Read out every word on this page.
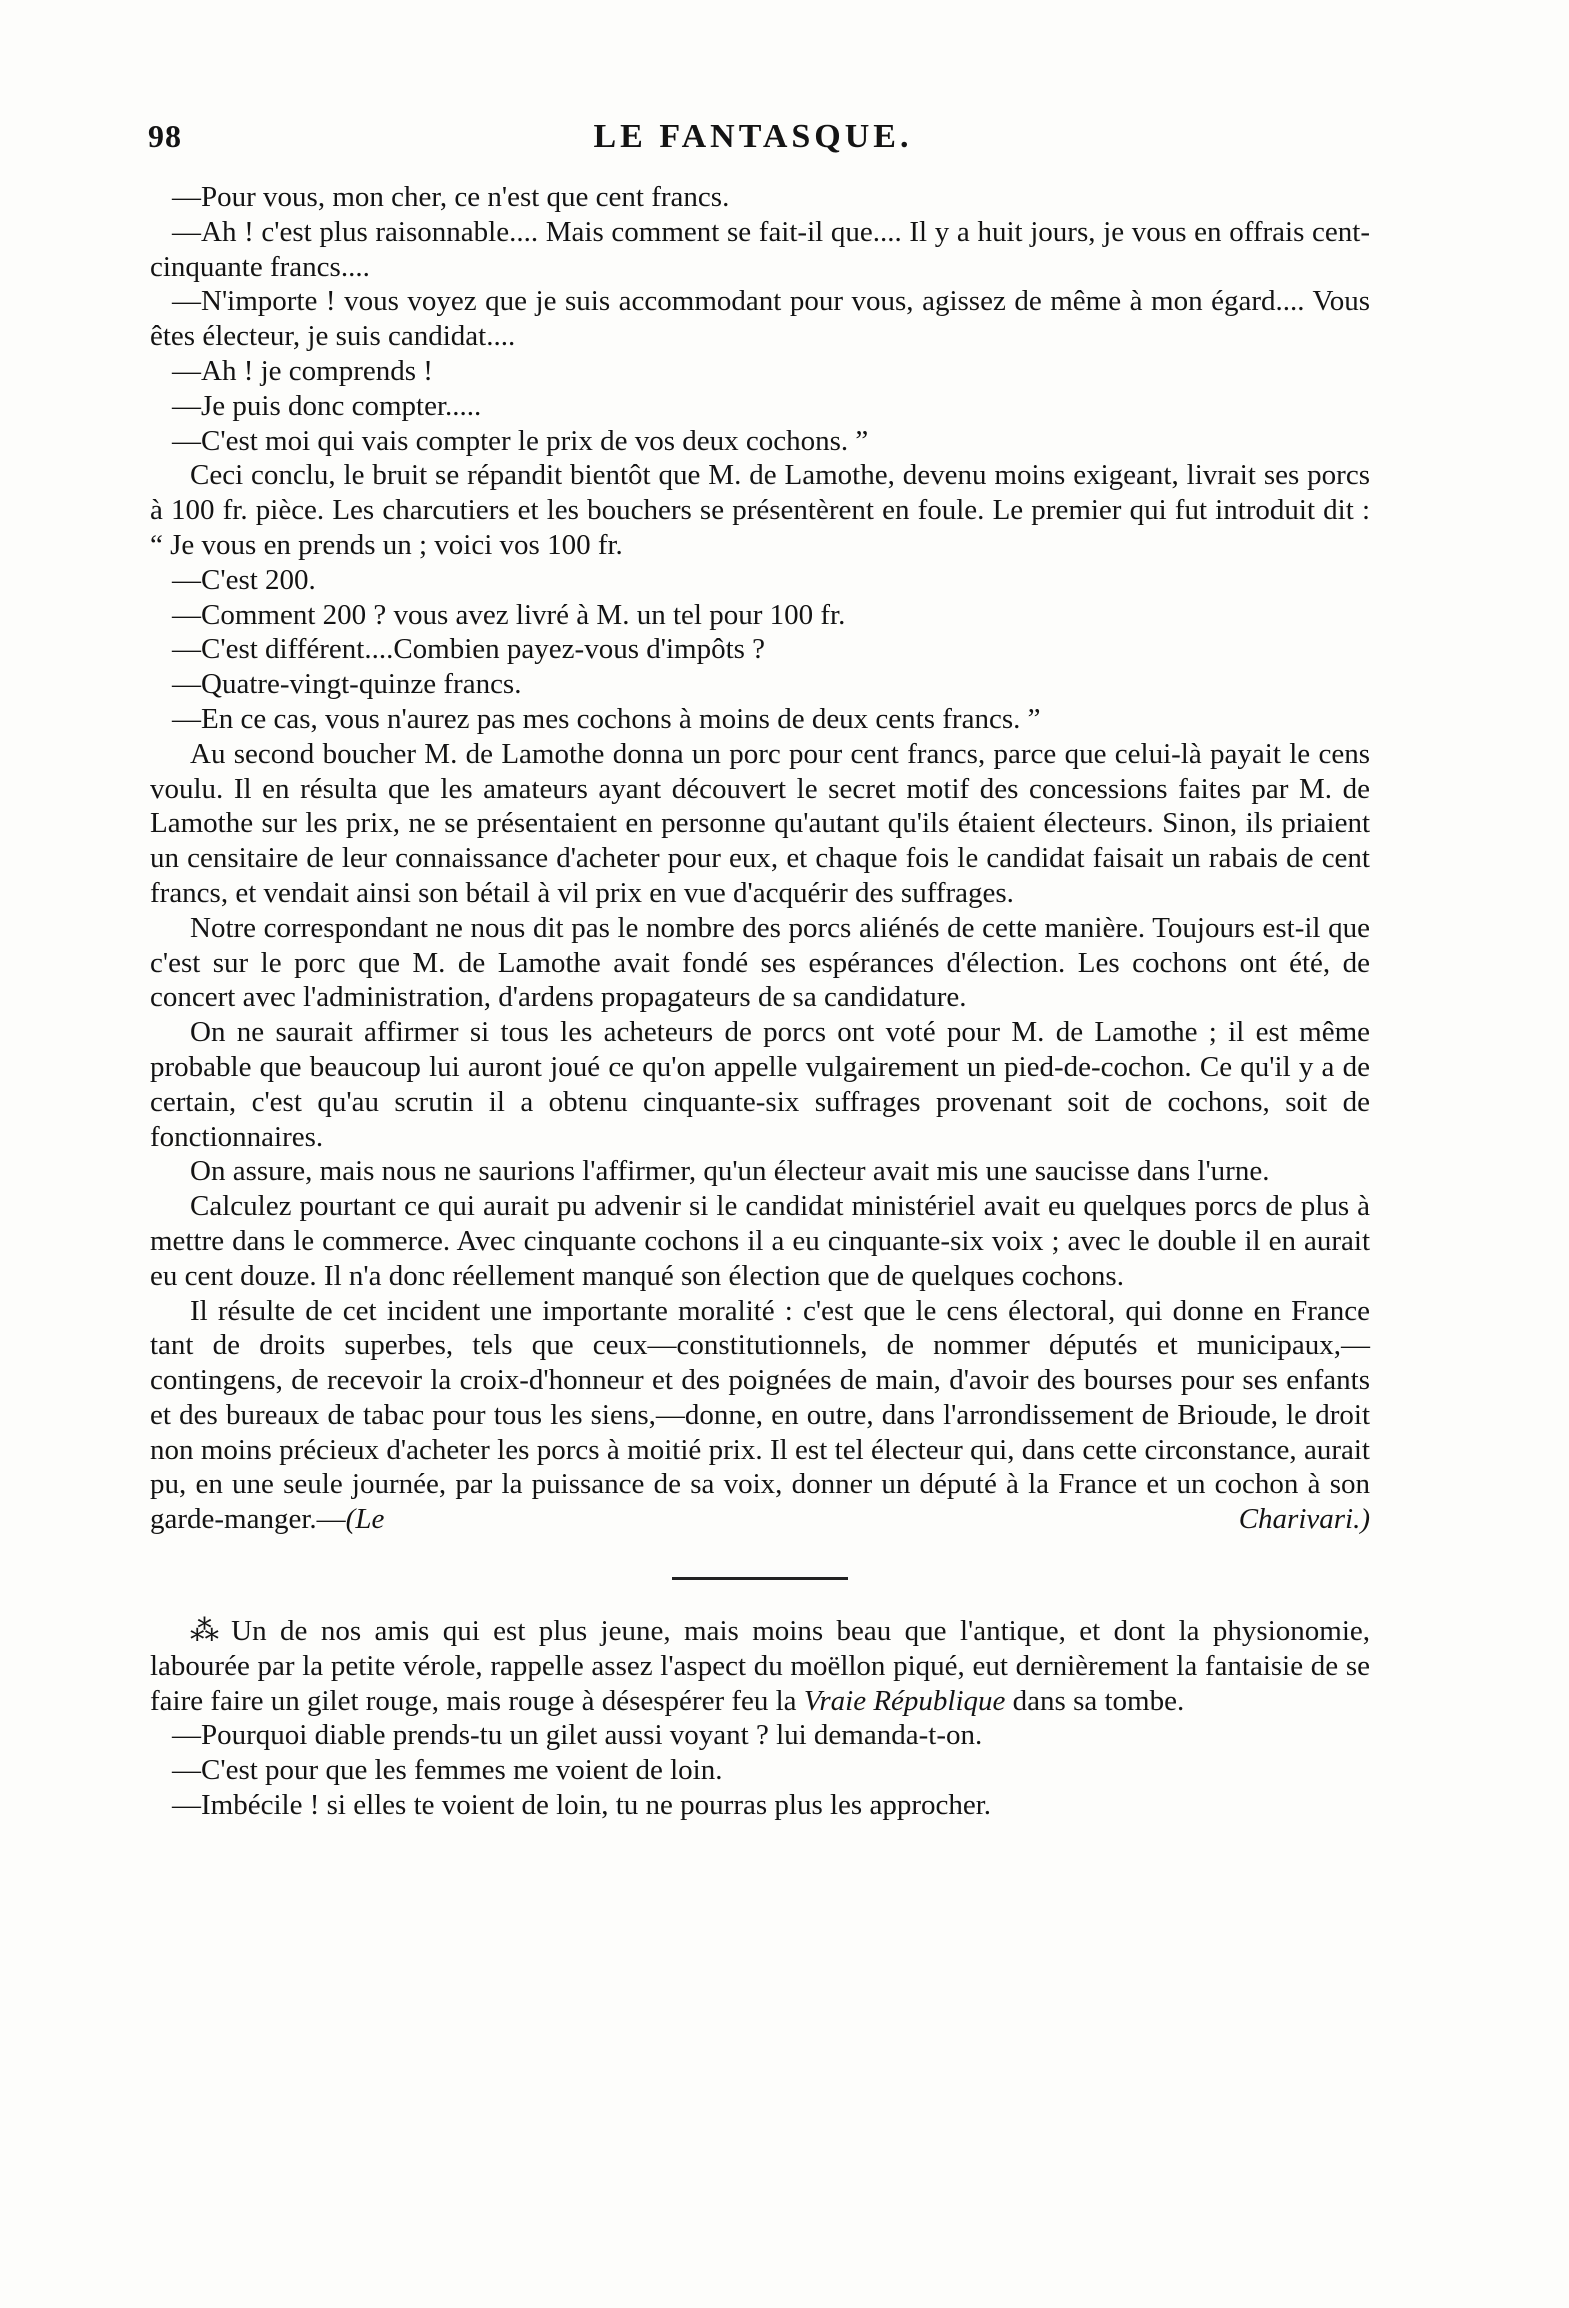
98	LE FANTASQUE.

—Pour vous, mon cher, ce n'est que cent francs.

—Ah ! c'est plus raisonnable.... Mais comment se fait-il que.... Il y a huit jours, je vous en offrais cent-cinquante francs....

—N'importe ! vous voyez que je suis accommodant pour vous, agissez de même à mon égard.... Vous êtes électeur, je suis candidat....

—Ah ! je comprends !

—Je puis donc compter.....

—C'est moi qui vais compter le prix de vos deux cochons. ”

Ceci conclu, le bruit se répandit bientôt que M. de Lamothe, devenu moins exigeant, livrait ses porcs à 100 fr. pièce. Les charcutiers et les bouchers se présentèrent en foule. Le premier qui fut introduit dit : “ Je vous en prends un ; voici vos 100 fr.

—C'est 200.

—Comment 200 ? vous avez livré à M. un tel pour 100 fr.

—C'est différent....Combien payez-vous d'impôts ?

—Quatre-vingt-quinze francs.

—En ce cas, vous n'aurez pas mes cochons à moins de deux cents francs. ”

Au second boucher M. de Lamothe donna un porc pour cent francs, parce que celui-là payait le cens voulu. Il en résulta que les amateurs ayant découvert le secret motif des concessions faites par M. de Lamothe sur les prix, ne se présentaient en personne qu'autant qu'ils étaient électeurs. Sinon, ils priaient un censitaire de leur connaissance d'acheter pour eux, et chaque fois le candidat faisait un rabais de cent francs, et vendait ainsi son bétail à vil prix en vue d'acquérir des suffrages.

Notre correspondant ne nous dit pas le nombre des porcs aliénés de cette manière. Toujours est-il que c'est sur le porc que M. de Lamothe avait fondé ses espérances d'élection. Les cochons ont été, de concert avec l'administration, d'ardens propagateurs de sa candidature.

On ne saurait affirmer si tous les acheteurs de porcs ont voté pour M. de Lamothe ; il est même probable que beaucoup lui auront joué ce qu'on appelle vulgairement un pied-de-cochon. Ce qu'il y a de certain, c'est qu'au scrutin il a obtenu cinquante-six suffrages provenant soit de cochons, soit de fonctionnaires.

On assure, mais nous ne saurions l'affirmer, qu'un électeur avait mis une saucisse dans l'urne.

Calculez pourtant ce qui aurait pu advenir si le candidat ministériel avait eu quelques porcs de plus à mettre dans le commerce. Avec cinquante cochons il a eu cinquante-six voix ; avec le double il en aurait eu cent douze. Il n'a donc réellement manqué son élection que de quelques cochons.

Il résulte de cet incident une importante moralité : c'est que le cens électoral, qui donne en France tant de droits superbes, tels que ceux—constitutionnels, de nommer députés et municipaux,—contingens, de recevoir la croix-d'honneur et des poignées de main, d'avoir des bourses pour ses enfants et des bureaux de tabac pour tous les siens,—donne, en outre, dans l'arrondissement de Brioude, le droit non moins précieux d'acheter les porcs à moitié prix. Il est tel électeur qui, dans cette circonstance, aurait pu, en une seule journée, par la puissance de sa voix, donner un député à la France et un cochon à son garde-manger.—(Le Charivari.)

⁂ Un de nos amis qui est plus jeune, mais moins beau que l'antique, et dont la physionomie, labourée par la petite vérole, rappelle assez l'aspect du moëllon piqué, eut dernièrement la fantaisie de se faire faire un gilet rouge, mais rouge à désespérer feu la Vraie République dans sa tombe.

—Pourquoi diable prends-tu un gilet aussi voyant ? lui demanda-t-on.

—C'est pour que les femmes me voient de loin.

—Imbécile ! si elles te voient de loin, tu ne pourras plus les approcher.
